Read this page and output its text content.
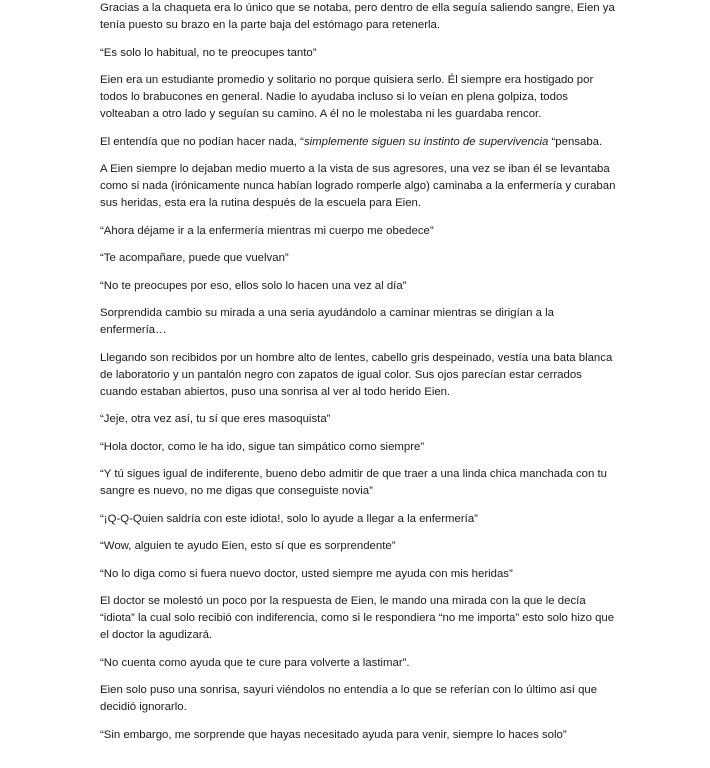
Gracias a la chaqueta era lo único que se notaba, pero dentro de ella seguía saliendo sangre, Eien ya tenía puesto su brazo en la parte baja del estómago para retenerla.

“Es solo lo habitual, no te preocupes tanto”

Eien era un estudiante promedio y solitario no porque quisiera serlo. Él siempre era hostigado por todos lo brabucones en general. Nadie lo ayudaba incluso si lo veían en plena golpiza, todos volteaban a otro lado y seguían su camino. A él no le molestaba ni les guardaba rencor.

El entendía que no podían hacer nada, “simplemente siguen su instinto de supervivencia “pensaba.

A Eien siempre lo dejaban medio muerto a la vista de sus agresores, una vez se iban él se levantaba como si nada (irónicamente nunca habían logrado romperle algo) caminaba a la enfermería y curaban sus heridas, esta era la rutina después de la escuela para Eien.

“Ahora déjame ir a la enfermería mientras mi cuerpo me obedece”

“Te acompañare, puede que vuelvan”

“No te preocupes por eso, ellos solo lo hacen una vez al día”

Sorprendida cambio su mirada a una seria ayudándolo a caminar mientras se dirigían a la enfermería…

Llegando son recibidos por un hombre alto de lentes, cabello gris despeinado, vestía una bata blanca de laboratorio y un pantalón negro con zapatos de igual color. Sus ojos parecían estar cerrados cuando estaban abiertos, puso una sonrisa al ver al todo herido Eien.

“Jeje, otra vez así, tu sí que eres masoquista”

“Hola doctor, como le ha ido, sigue tan simpático como siempre”

“Y tú sigues igual de indiferente, bueno debo admitir de que traer a una linda chica manchada con tu sangre es nuevo, no me digas que conseguiste novia”

“¡Q-Q-Quien saldría con este idiota!, solo lo ayude a llegar a la enfermería”

“Wow, alguien te ayudo Eien, esto sí que es sorprendente”

“No lo diga como si fuera nuevo doctor, usted siempre me ayuda con mis heridas”

El doctor se molestó un poco por la respuesta de Eien, le mando una mirada con la que le decía “idiota” la cual solo recibió con indiferencia, como si le respondiera “no me importa” esto solo hizo que el doctor la agudizará.

“No cuenta como ayuda que te cure para volverte a lastimar”.

Eien solo puso una sonrisa, sayuri viéndolos no entendía a lo que se referían con lo último así que decidió ignorarlo.

“Sin embargo, me sorprende que hayas necesitado ayuda para venir, siempre lo haces solo”
